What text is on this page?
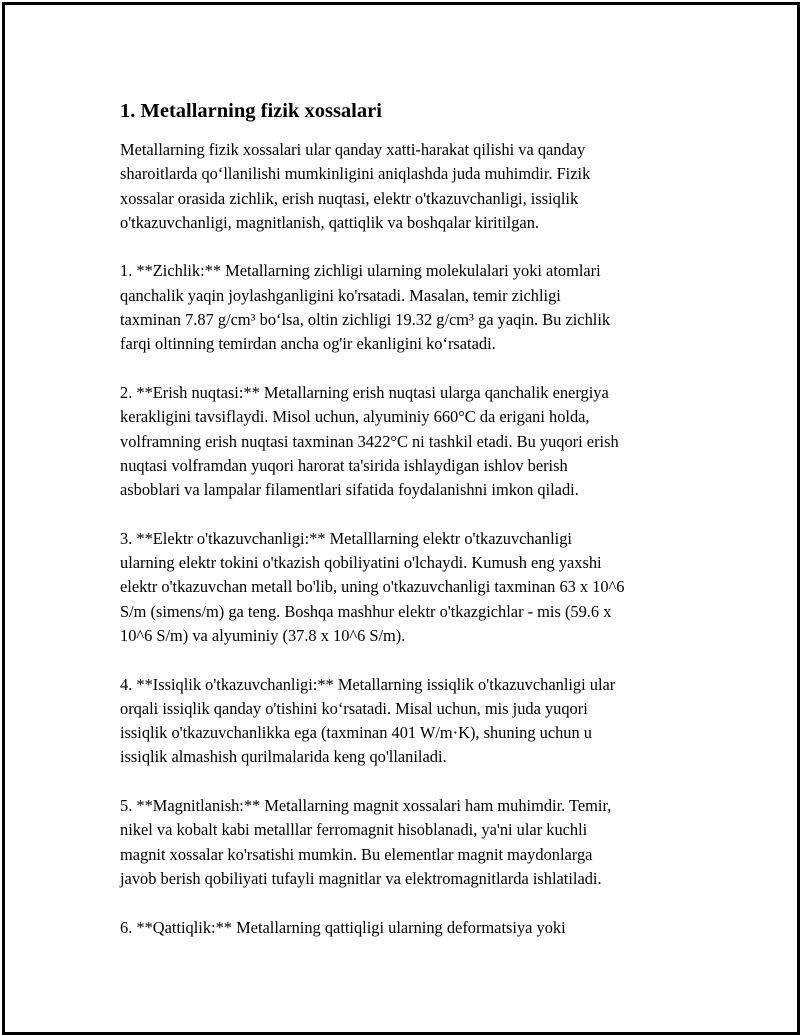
1. Metallarning fizik xossalari

Metallarning fizik xossalari ular qanday xatti-harakat qilishi va qanday
sharoitlarda qo‘llanilishi mumkinligini aniqlashda juda muhimdir. Fizik
xossalar orasida zichlik, erish nuqtasi, elektr o'tkazuvchanligi, issiqlik
o'tkazuvchanligi, magnitlanish, qattiqlik va boshqalar kiritilgan.

1. **Zichlik:** Metallarning zichligi ularning molekulalari yoki atomlari
qanchalik yaqin joylashganligini ko'rsatadi. Masalan, temir zichligi
taxminan 7.87 g/cm³ bo‘lsa, oltin zichligi 19.32 g/cm³ ga yaqin. Bu zichlik
farqi oltinning temirdan ancha og'ir ekanligini ko‘rsatadi.

2. **Erish nuqtasi:** Metallarning erish nuqtasi ularga qanchalik energiya
kerakligini tavsiflaydi. Misol uchun, alyuminiy 660°C da erigani holda,
volframning erish nuqtasi taxminan 3422°C ni tashkil etadi. Bu yuqori erish
nuqtasi volframdan yuqori harorat ta'sirida ishlaydigan ishlov berish
asboblari va lampalar filamentlari sifatida foydalanishni imkon qiladi.

3. **Elektr o'tkazuvchanligi:** Metalllarning elektr o'tkazuvchanligi
ularning elektr tokini o'tkazish qobiliyatini o'lchaydi. Kumush eng yaxshi
elektr o'tkazuvchan metall bo'lib, uning o'tkazuvchanligi taxminan 63 x 10^6
S/m (simens/m) ga teng. Boshqa mashhur elektr o'tkazgichlar - mis (59.6 x
10^6 S/m) va alyuminiy (37.8 x 10^6 S/m).

4. **Issiqlik o'tkazuvchanligi:** Metallarning issiqlik o'tkazuvchanligi ular
orqali issiqlik qanday o'tishini ko‘rsatadi. Misal uchun, mis juda yuqori
issiqlik o'tkazuvchanlikka ega (taxminan 401 W/m·K), shuning uchun u
issiqlik almashish qurilmalarida keng qo'llaniladi.

5. **Magnitlanish:** Metallarning magnit xossalari ham muhimdir. Temir,
nikel va kobalt kabi metalllar ferromagnit hisoblanadi, ya'ni ular kuchli
magnit xossalar ko'rsatishi mumkin. Bu elementlar magnit maydonlarga
javob berish qobiliyati tufayli magnitlar va elektromagnitlarda ishlatiladi.

6. **Qattiqlik:** Metallarning qattiqligi ularning deformatsiya yoki
